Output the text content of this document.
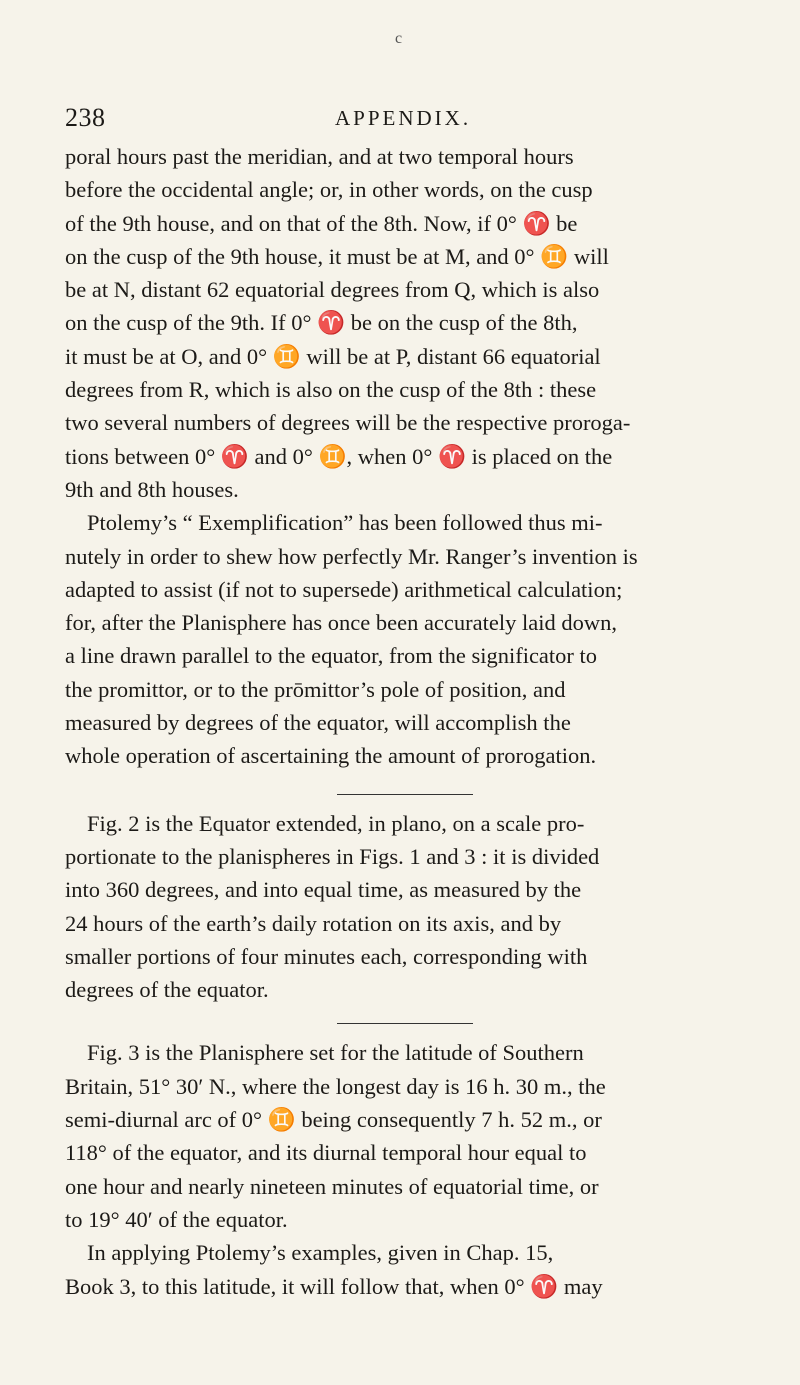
c
238	APPENDIX.

poral hours past the meridian, and at two temporal hours
before the occidental angle; or, in other words, on the cusp
of the 9th house, and on that of the 8th. Now, if 0° ♈ be
on the cusp of the 9th house, it must be at M, and 0° ♊ will
be at N, distant 62 equatorial degrees from Q, which is also
on the cusp of the 9th. If 0° ♈ be on the cusp of the 8th,
it must be at O, and 0° ♊ will be at P, distant 66 equatorial
degrees from R, which is also on the cusp of the 8th : these
two several numbers of degrees will be the respective proroga-
tions between 0° ♈ and 0° ♊, when 0° ♈ is placed on the
9th and 8th houses.

Ptolemy’s “ Exemplification” has been followed thus mi-
nutely in order to shew how perfectly Mr. Ranger’s invention is
adapted to assist (if not to supersede) arithmetical calculation;
for, after the Planisphere has once been accurately laid down,
a line drawn parallel to the equator, from the significator to
the promittor, or to the prōmittor’s pole of position, and
measured by degrees of the equator, will accomplish the
whole operation of ascertaining the amount of prorogation.

Fig. 2 is the Equator extended, in plano, on a scale pro-
portionate to the planispheres in Figs. 1 and 3 : it is divided
into 360 degrees, and into equal time, as measured by the
24 hours of the earth’s daily rotation on its axis, and by
smaller portions of four minutes each, corresponding with
degrees of the equator.

Fig. 3 is the Planisphere set for the latitude of Southern
Britain, 51° 30′ N., where the longest day is 16 h. 30 m., the
semi-diurnal arc of 0° ♊ being consequently 7 h. 52 m., or
118° of the equator, and its diurnal temporal hour equal to
one hour and nearly nineteen minutes of equatorial time, or
to 19° 40′ of the equator.

In applying Ptolemy’s examples, given in Chap. 15,
Book 3, to this latitude, it will follow that, when 0° ♈ may
